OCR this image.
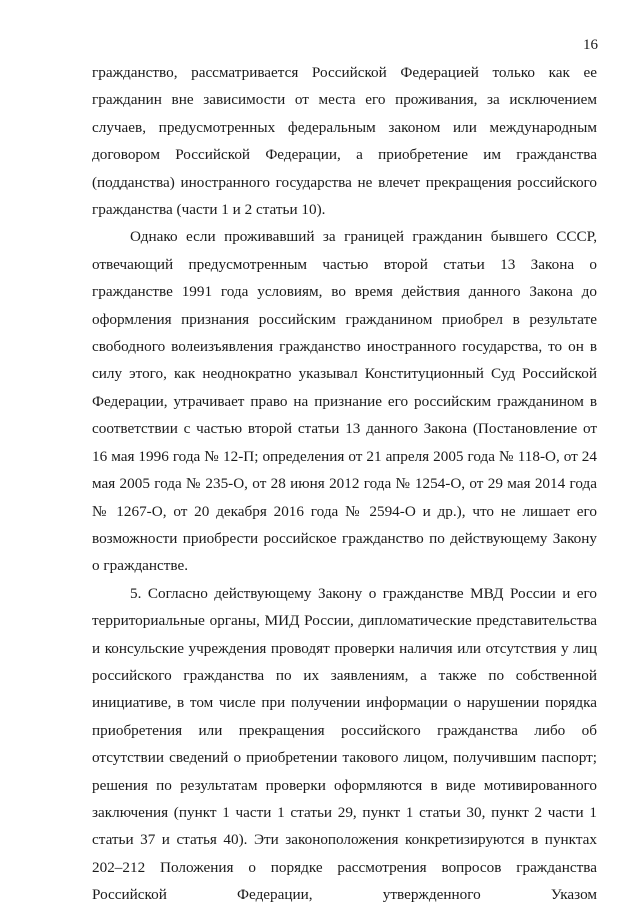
16

гражданство, рассматривается Российской Федерацией только как ее гражданин вне зависимости от места его проживания, за исключением случаев, предусмотренных федеральным законом или международным договором Российской Федерации, а приобретение им гражданства (подданства) иностранного государства не влечет прекращения российского гражданства (части 1 и 2 статьи 10).

Однако если проживавший за границей гражданин бывшего СССР, отвечающий предусмотренным частью второй статьи 13 Закона о гражданстве 1991 года условиям, во время действия данного Закона до оформления признания российским гражданином приобрел в результате свободного волеизъявления гражданство иностранного государства, то он в силу этого, как неоднократно указывал Конституционный Суд Российской Федерации, утрачивает право на признание его российским гражданином в соответствии с частью второй статьи 13 данного Закона (Постановление от 16 мая 1996 года № 12-П; определения от 21 апреля 2005 года № 118-О, от 24 мая 2005 года № 235-О, от 28 июня 2012 года № 1254-О, от 29 мая 2014 года № 1267-О, от 20 декабря 2016 года № 2594-О и др.), что не лишает его возможности приобрести российское гражданство по действующему Закону о гражданстве.

5. Согласно действующему Закону о гражданстве МВД России и его территориальные органы, МИД России, дипломатические представительства и консульские учреждения проводят проверки наличия или отсутствия у лиц российского гражданства по их заявлениям, а также по собственной инициативе, в том числе при получении информации о нарушении порядка приобретения или прекращения российского гражданства либо об отсутствии сведений о приобретении такового лицом, получившим паспорт; решения по результатам проверки оформляются в виде мотивированного заключения (пункт 1 части 1 статьи 29, пункт 1 статьи 30, пункт 2 части 1 статьи 37 и статья 40). Эти законоположения конкретизируются в пунктах 202–212 Положения о порядке рассмотрения вопросов гражданства Российской Федерации, утвержденного Указом
